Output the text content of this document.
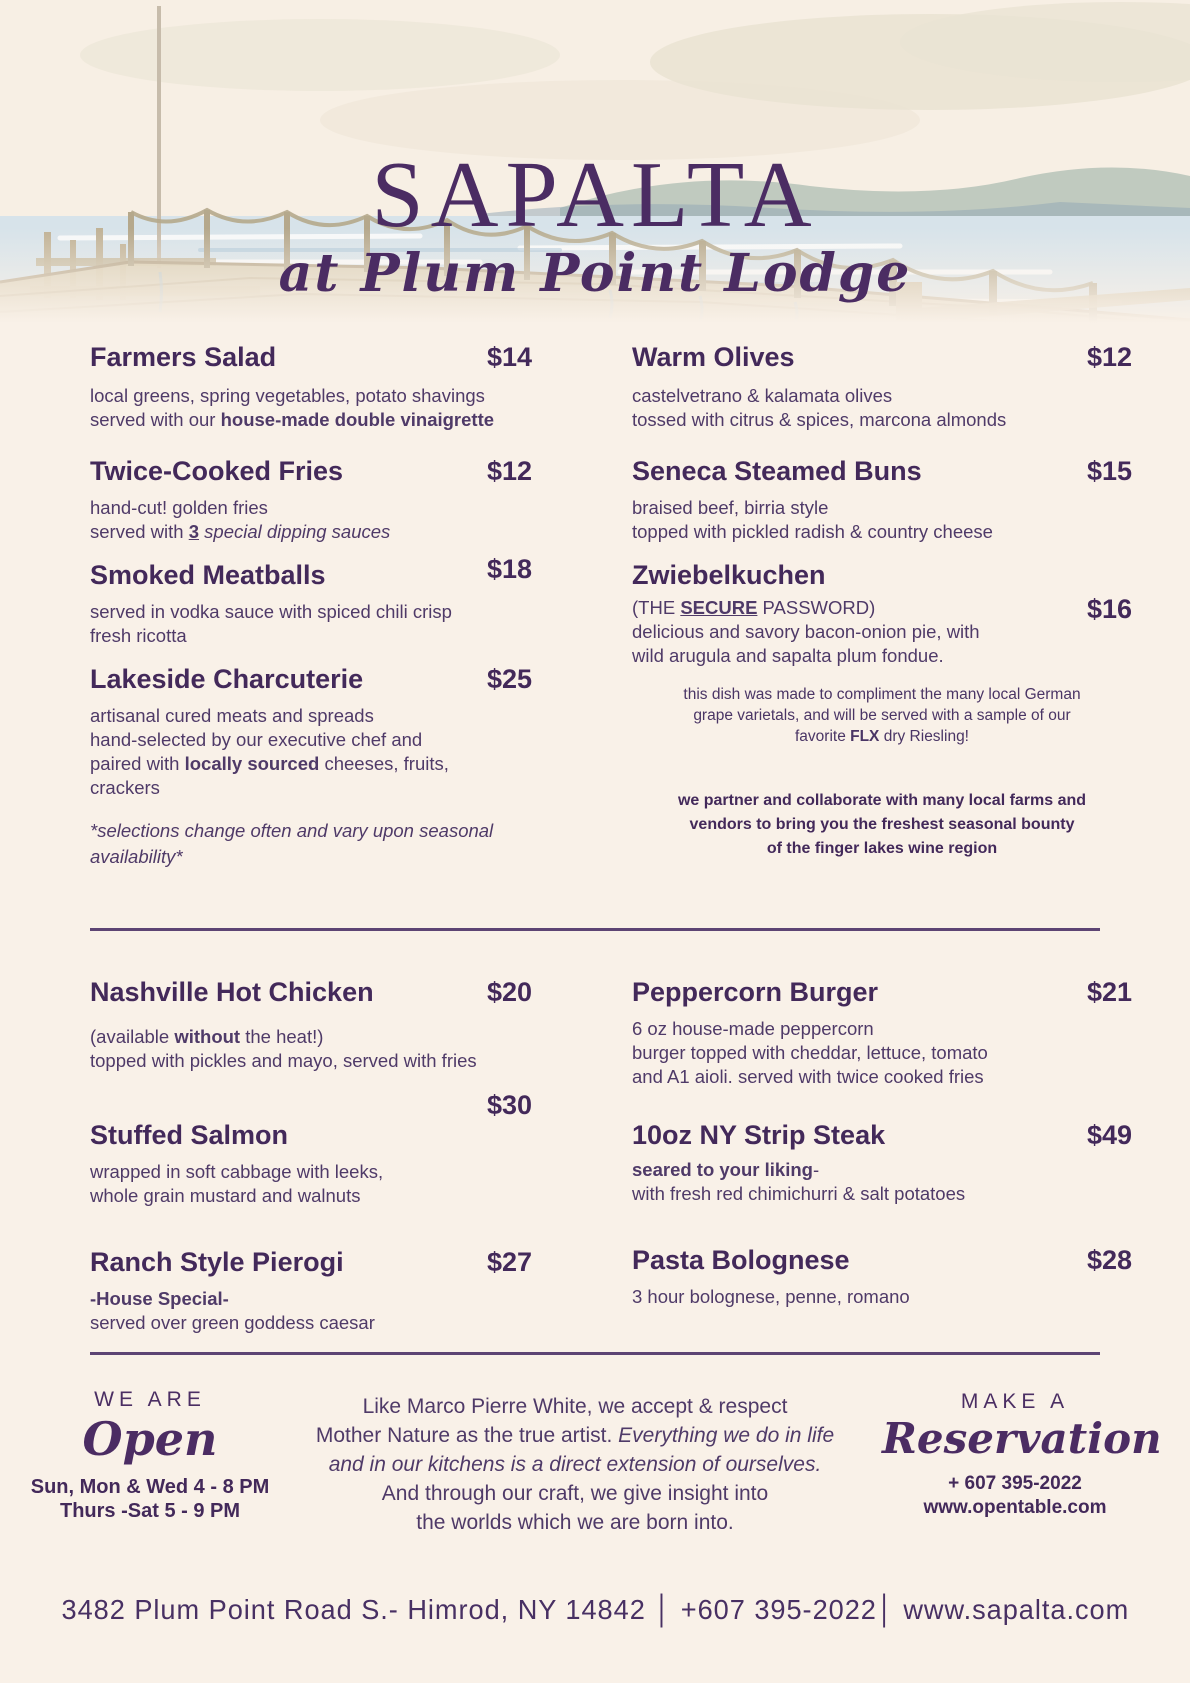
SAPALTA
at Plum Point Lodge
Farmers Salad	$14
local greens, spring vegetables, potato shavings
served with our house-made double vinaigrette
Twice-Cooked Fries	$12
hand-cut! golden fries
served with 3 special dipping sauces
Smoked Meatballs	$18
served in vodka sauce with spiced chili crisp
fresh ricotta
Lakeside Charcuterie	$25
artisanal cured meats and spreads
hand-selected by our executive chef and
paired with locally sourced cheeses, fruits,
crackers
*selections change often and vary upon seasonal
availability*
Warm Olives	$12
castelvetrano & kalamata olives
tossed with citrus & spices, marcona almonds
Seneca Steamed Buns	$15
braised beef, birria style
topped with pickled radish & country cheese
Zwiebelkuchen
$16
(THE SECURE PASSWORD)
delicious and savory bacon-onion pie, with
wild arugula and sapalta plum fondue.
this dish was made to compliment the many local German
grape varietals, and will be served with a sample of our
favorite FLX dry Riesling!
we partner and collaborate with many local farms and
vendors to bring you the freshest seasonal bounty
of the finger lakes wine region
Nashville Hot Chicken	$20
(available without the heat!)
topped with pickles and mayo, served with fries
Stuffed Salmon
$30
wrapped in soft cabbage with leeks,
whole grain mustard and walnuts
Ranch Style Pierogi	$27
-House Special-
served over green goddess caesar
Peppercorn Burger	$21
6 oz house-made peppercorn
burger topped with cheddar, lettuce, tomato
and A1 aioli. served with twice cooked fries
10oz NY Strip Steak	$49
seared to your liking-
with fresh red chimichurri & salt potatoes
Pasta Bolognese	$28
3 hour bolognese, penne, romano
WE ARE
Open
Sun, Mon & Wed 4 - 8 PM
Thurs -Sat 5 - 9 PM
Like Marco Pierre White, we accept & respect
Mother Nature as the true artist. Everything we do in life
and in our kitchens is a direct extension of ourselves.
And through our craft, we give insight into
the worlds which we are born into.
MAKE A
Reservation
+ 607 395-2022
www.opentable.com
3482 Plum Point Road S.- Himrod, NY 14842 │ +607 395-2022│ www.sapalta.com
